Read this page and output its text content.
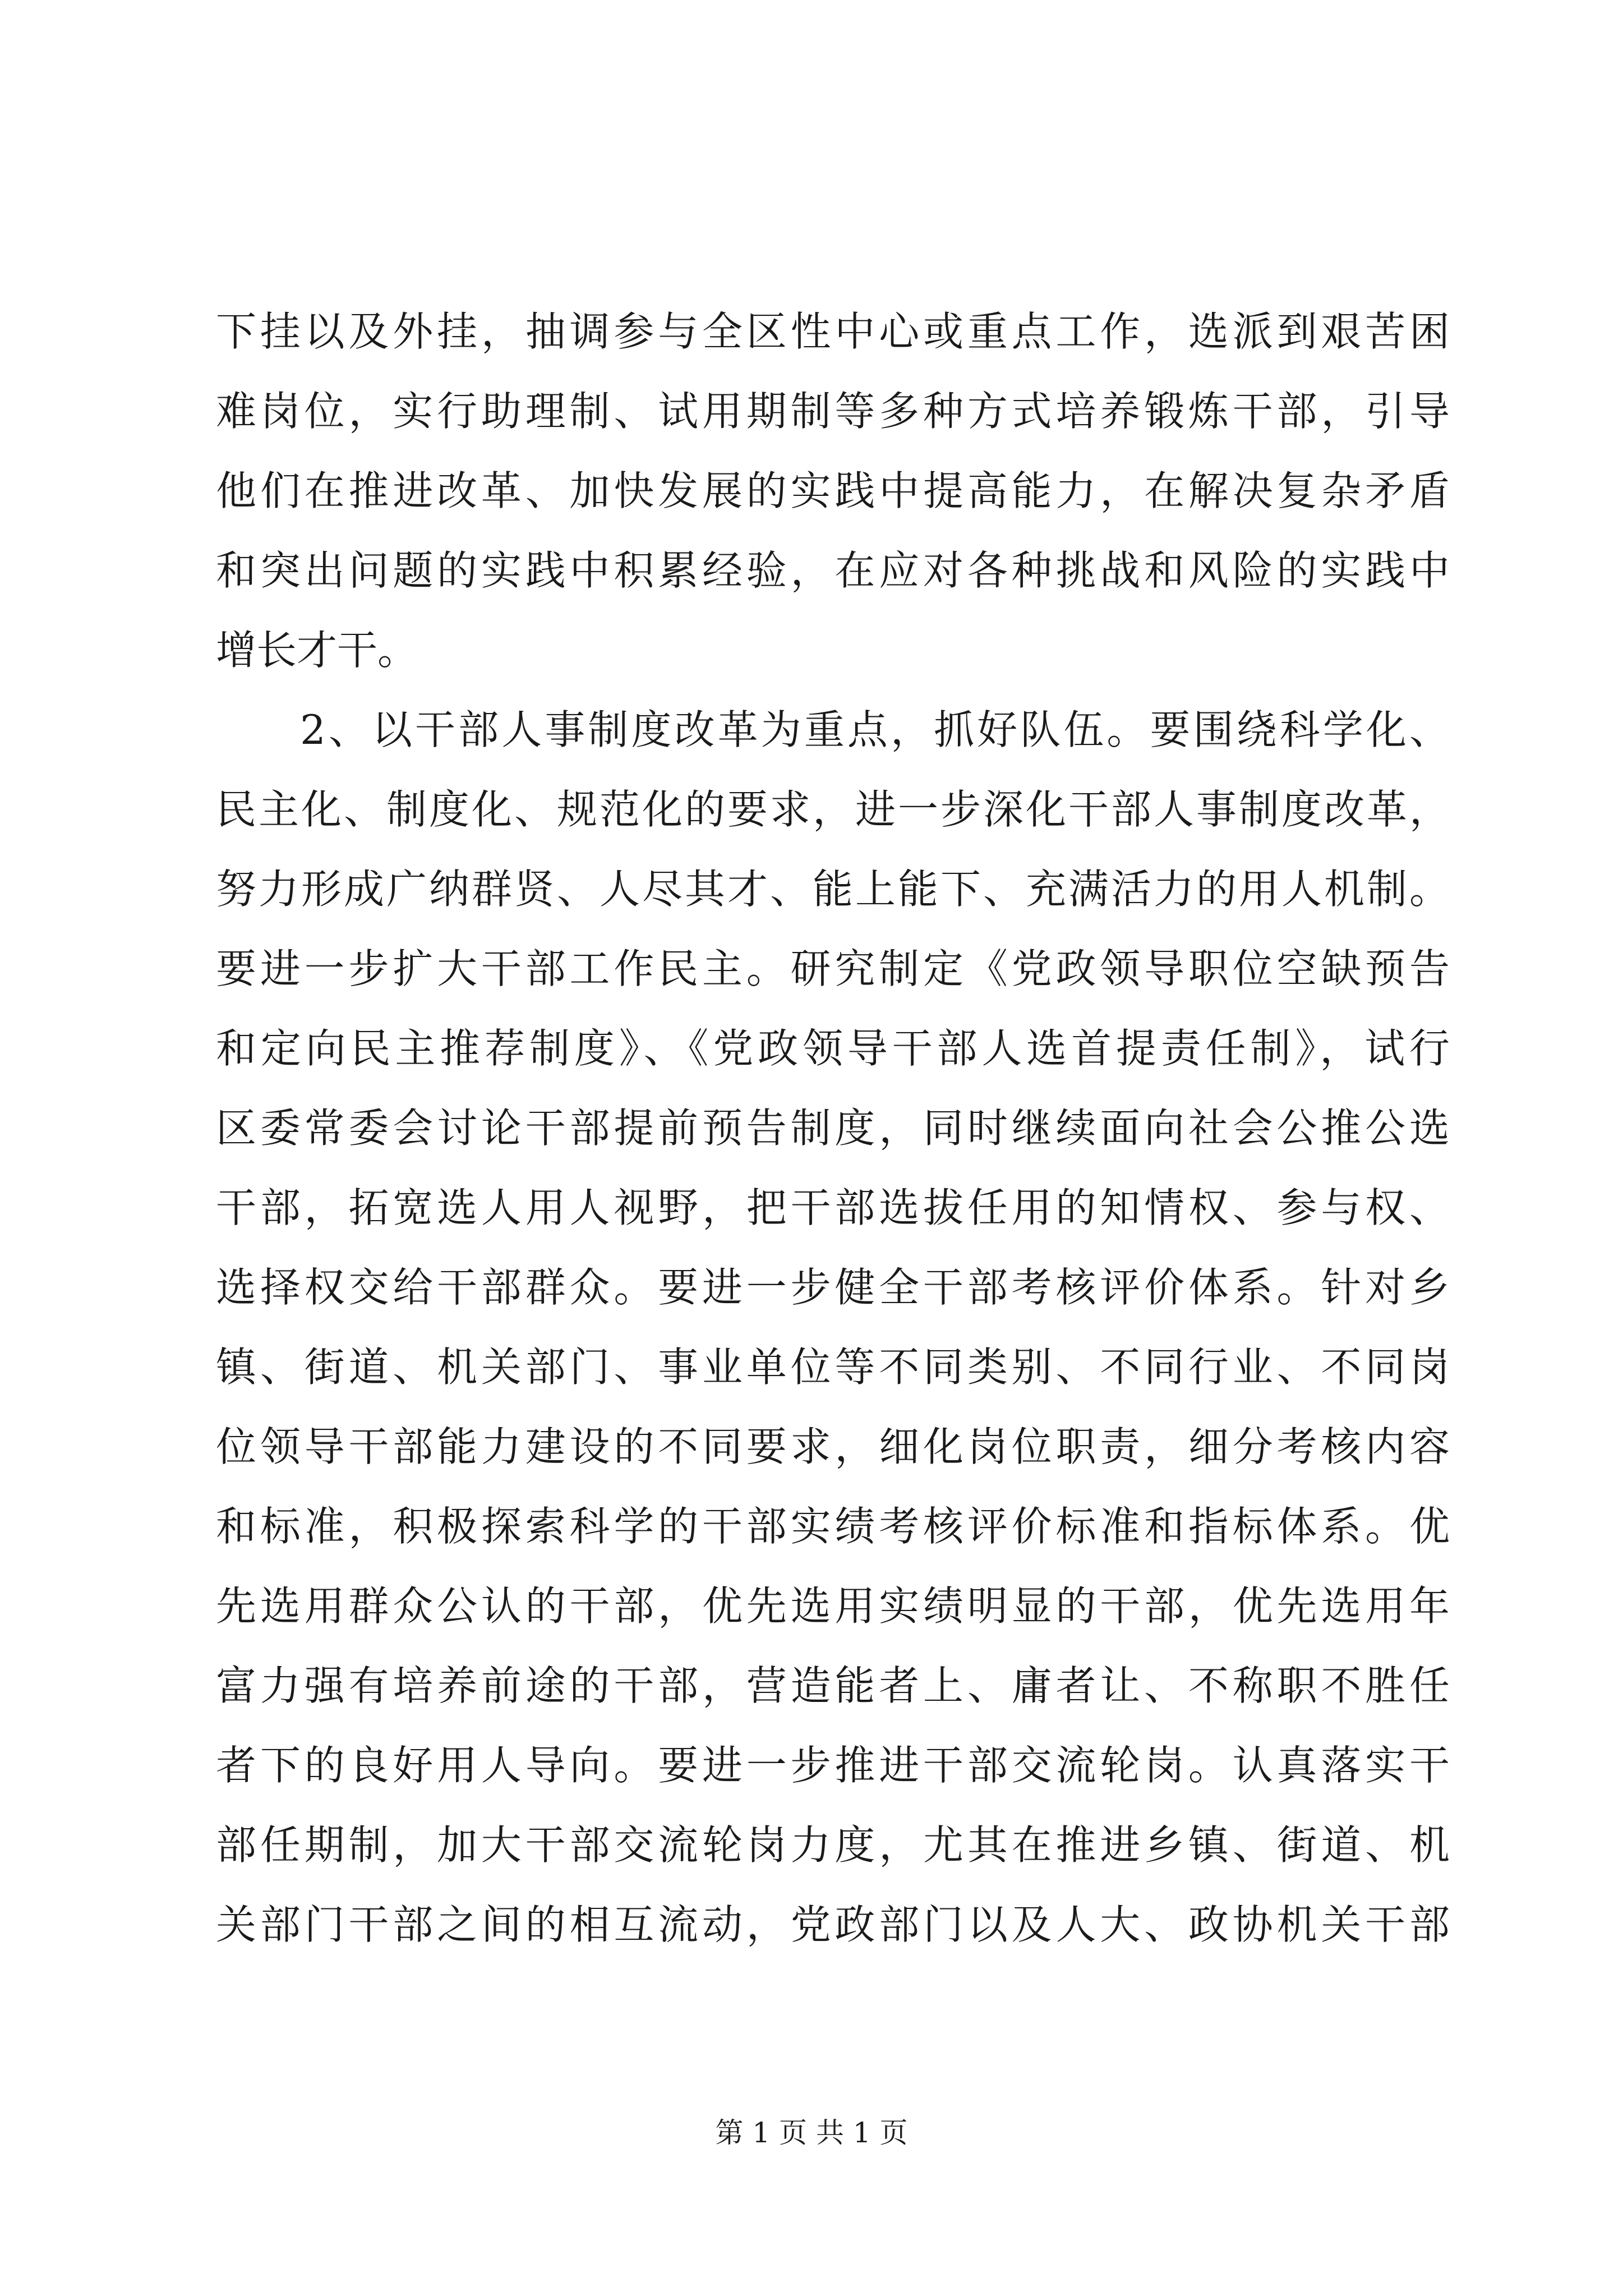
下挂以及外挂，抽调参与全区性中心或重点工作，选派到艰苦困
难岗位，实行助理制、试用期制等多种方式培养锻炼干部，引导
他们在推进改革、加快发展的实践中提高能力，在解决复杂矛盾
和突出问题的实践中积累经验，在应对各种挑战和风险的实践中
增长才干。
2、以干部人事制度改革为重点，抓好队伍。要围绕科学化、
民主化、制度化、规范化的要求，进一步深化干部人事制度改革，
努力形成广纳群贤、人尽其才、能上能下、充满活力的用人机制。
要进一步扩大干部工作民主。研究制定《党政领导职位空缺预告
和定向民主推荐制度》、《党政领导干部人选首提责任制》，试行
区委常委会讨论干部提前预告制度，同时继续面向社会公推公选
干部，拓宽选人用人视野，把干部选拔任用的知情权、参与权、
选择权交给干部群众。要进一步健全干部考核评价体系。针对乡
镇、街道、机关部门、事业单位等不同类别、不同行业、不同岗
位领导干部能力建设的不同要求，细化岗位职责，细分考核内容
和标准，积极探索科学的干部实绩考核评价标准和指标体系。优
先选用群众公认的干部，优先选用实绩明显的干部，优先选用年
富力强有培养前途的干部，营造能者上、庸者让、不称职不胜任
者下的良好用人导向。要进一步推进干部交流轮岗。认真落实干
部任期制，加大干部交流轮岗力度，尤其在推进乡镇、街道、机
关部门干部之间的相互流动，党政部门以及人大、政协机关干部
第 1 页 共 1 页
